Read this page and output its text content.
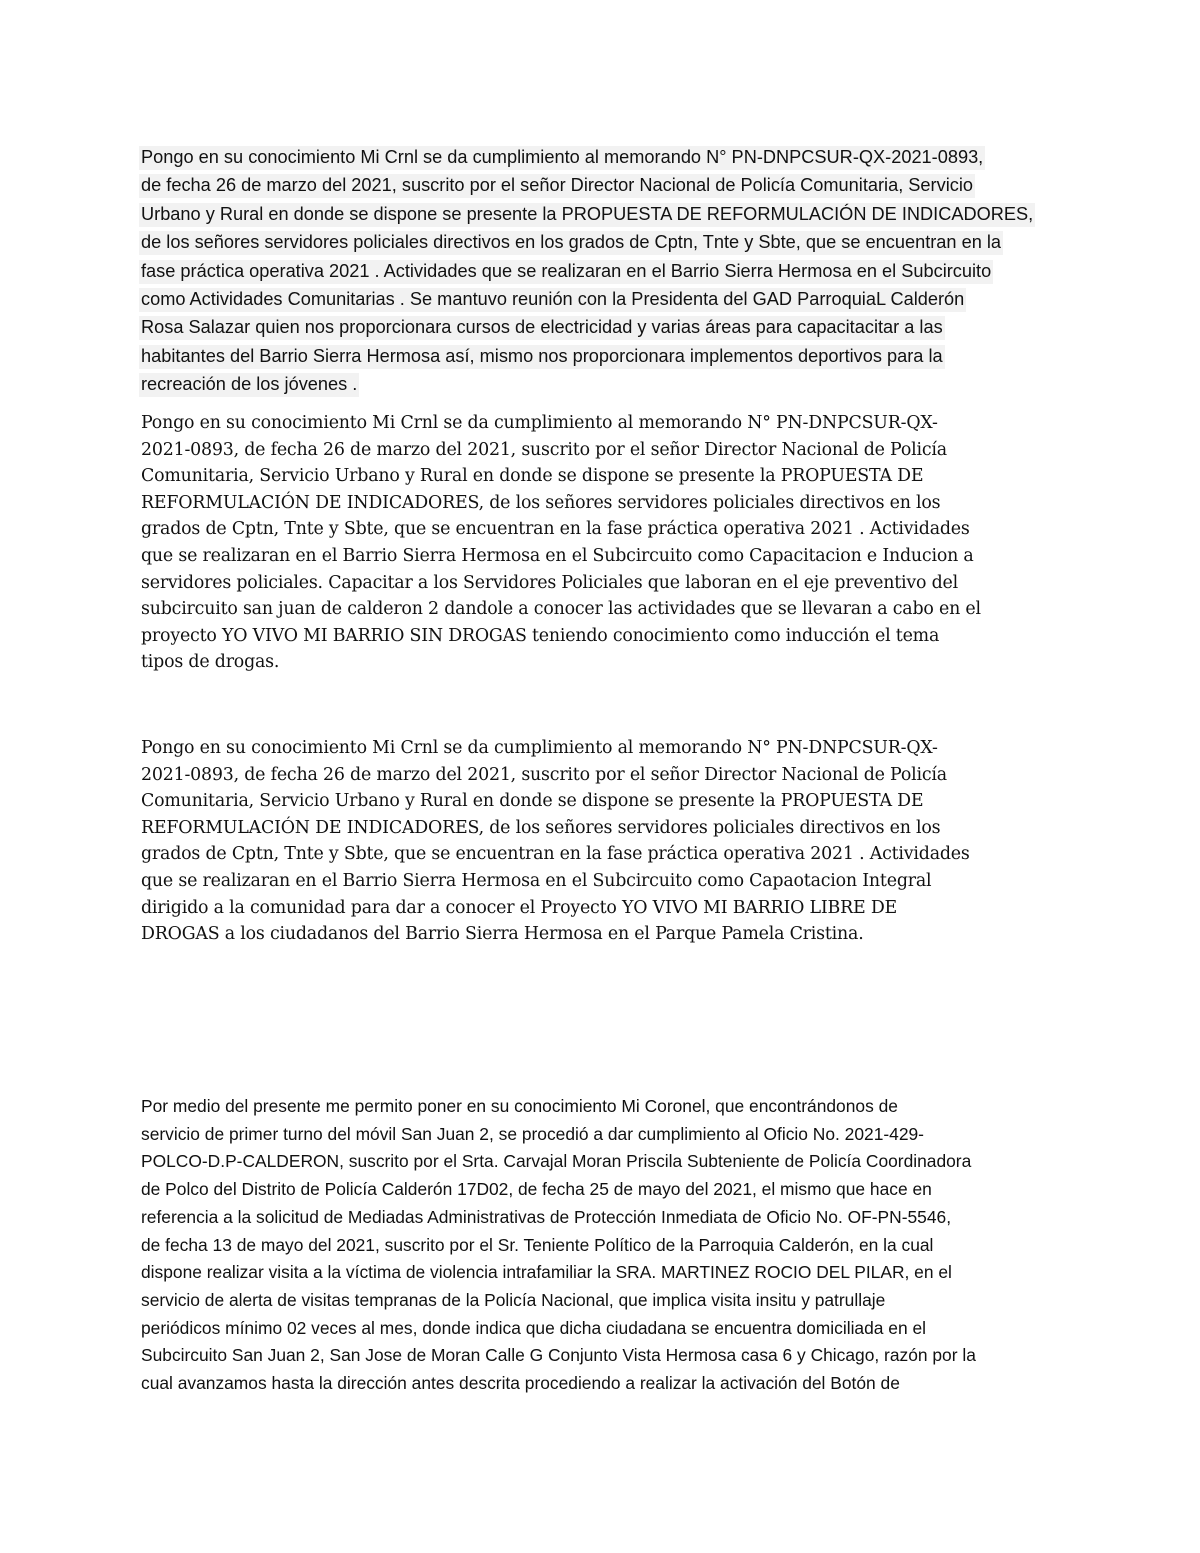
Pongo en su conocimiento Mi Crnl se da cumplimiento al memorando N° PN-DNPCSUR-QX-2021-0893,
de fecha 26 de marzo del 2021, suscrito por el señor Director Nacional de Policía Comunitaria, Servicio
Urbano y Rural en donde se dispone se presente la PROPUESTA DE REFORMULACIÓN DE INDICADORES,
de los señores servidores policiales directivos en los grados de Cptn, Tnte y Sbte, que se encuentran en la
fase práctica operativa 2021 . Actividades que se realizaran en el Barrio Sierra Hermosa en el Subcircuito
como Actividades Comunitarias . Se mantuvo reunión con la Presidenta del GAD ParroquiaL Calderón
Rosa Salazar quien nos proporcionara cursos de electricidad y varias áreas para capacitacitar a las
habitantes del Barrio Sierra Hermosa así, mismo nos proporcionara implementos deportivos para la
recreación de los jóvenes .
Pongo en su conocimiento Mi Crnl se da cumplimiento al memorando N° PN-DNPCSUR-QX-
2021-0893, de fecha 26 de marzo del 2021, suscrito por el señor Director Nacional de Policía
Comunitaria, Servicio Urbano y Rural en donde se dispone se presente la PROPUESTA DE
REFORMULACIÓN DE INDICADORES, de los señores servidores policiales directivos en los
grados de Cptn, Tnte y Sbte, que se encuentran en la fase práctica operativa 2021 . Actividades
que se realizaran en el Barrio Sierra Hermosa en el Subcircuito como Capacitacion e Inducion a
servidores policiales. Capacitar a los Servidores Policiales que laboran en el eje preventivo del
subcircuito san juan de calderon 2 dandole a conocer las actividades que se llevaran a cabo en el
proyecto YO VIVO MI BARRIO SIN DROGAS teniendo conocimiento como inducción el tema
tipos de drogas.
Pongo en su conocimiento Mi Crnl se da cumplimiento al memorando N° PN-DNPCSUR-QX-
2021-0893, de fecha 26 de marzo del 2021, suscrito por el señor Director Nacional de Policía
Comunitaria, Servicio Urbano y Rural en donde se dispone se presente la PROPUESTA DE
REFORMULACIÓN DE INDICADORES, de los señores servidores policiales directivos en los
grados de Cptn, Tnte y Sbte, que se encuentran en la fase práctica operativa 2021 . Actividades
que se realizaran en el Barrio Sierra Hermosa en el Subcircuito como Capaotacion Integral
dirigido a la comunidad para dar a conocer el Proyecto YO VIVO MI BARRIO LIBRE DE
DROGAS a los ciudadanos del Barrio Sierra Hermosa en el Parque Pamela Cristina.
Por medio del presente me permito poner en su conocimiento Mi Coronel, que encontrándonos de
servicio de primer turno del móvil San Juan 2, se procedió a dar cumplimiento al Oficio No. 2021-429-
POLCO-D.P-CALDERON, suscrito por el Srta. Carvajal Moran Priscila Subteniente de Policía Coordinadora
de Polco del Distrito de Policía Calderón 17D02, de fecha 25 de mayo del 2021, el mismo que hace en
referencia a la solicitud de Mediadas Administrativas de Protección Inmediata de Oficio No. OF-PN-5546,
de fecha 13 de mayo del 2021, suscrito por el Sr. Teniente Político de la Parroquia Calderón, en la cual
dispone realizar visita a la víctima de violencia intrafamiliar la SRA. MARTINEZ ROCIO DEL PILAR, en el
servicio de alerta de visitas tempranas de la Policía Nacional, que implica visita insitu y patrullaje
periódicos mínimo 02 veces al mes, donde indica que dicha ciudadana se encuentra domiciliada en el
Subcircuito San Juan 2, San Jose de Moran Calle G Conjunto Vista Hermosa casa 6 y Chicago, razón por la
cual avanzamos hasta la dirección antes descrita procediendo a realizar la activación del Botón de
